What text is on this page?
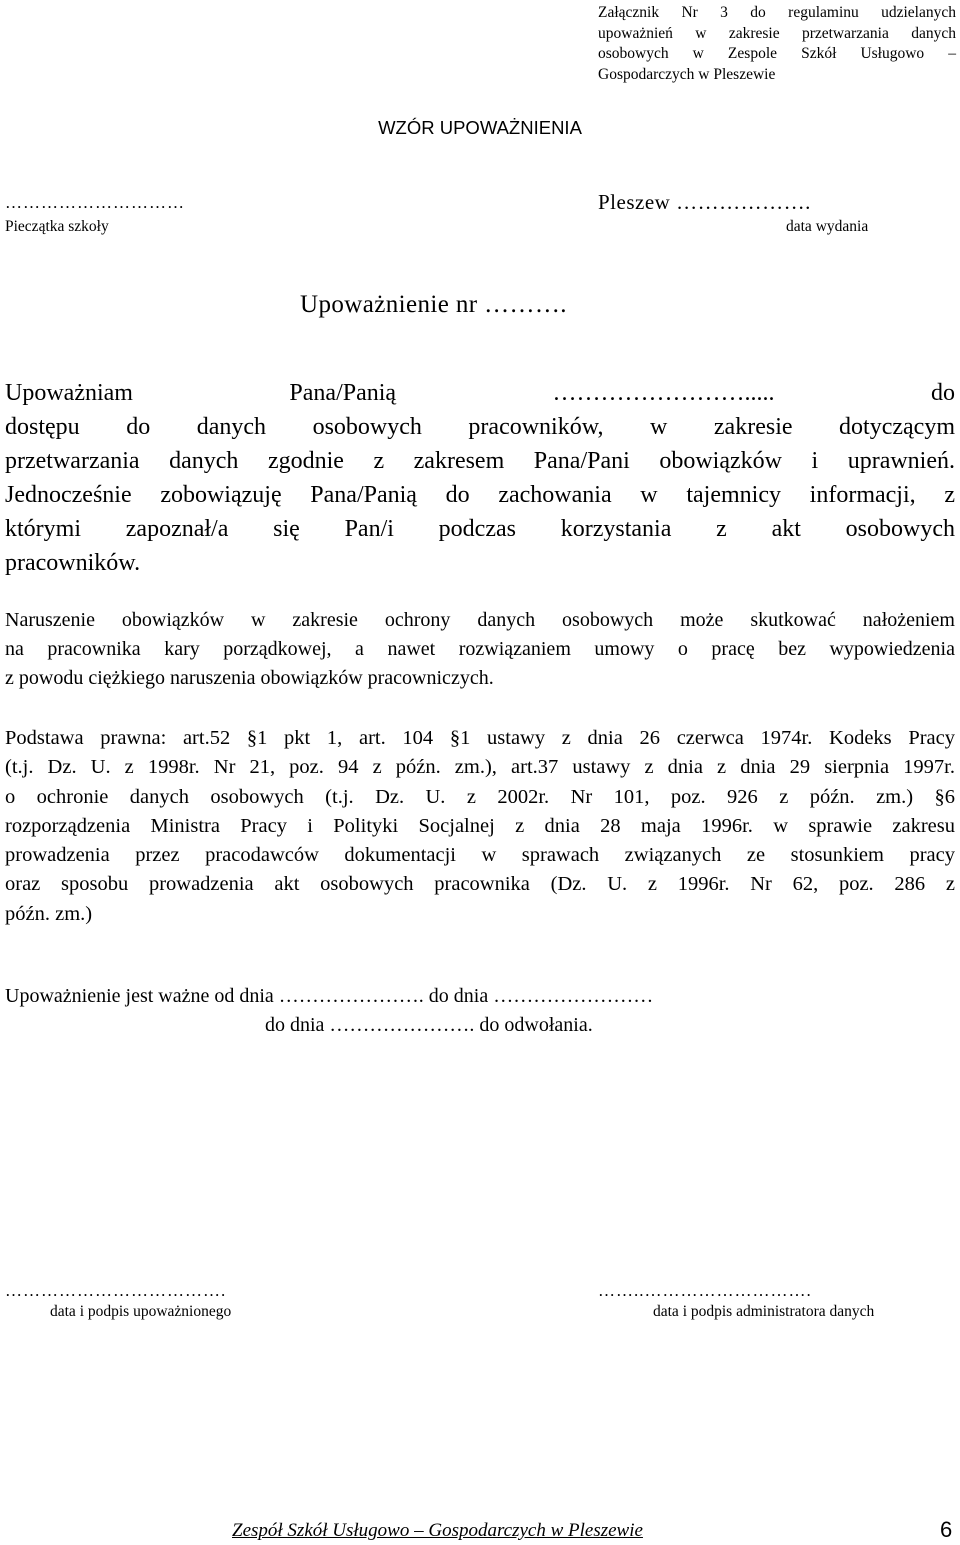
Załącznik Nr 3 do regulaminu udzielanych
upoważnień w zakresie przetwarzania danych
osobowych w Zespole Szkół Usługowo –
Gospodarczych w Pleszewie
WZÓR UPOWAŻNIENIA
…………………………
Pieczątka szkoły
Pleszew ……………….
data wydania
Upoważnienie nr ……….
Upoważniam Pana/Panią ……………………..... do
dostępu do danych osobowych pracowników, w zakresie dotyczącym
przetwarzania danych zgodnie z zakresem Pana/Pani obowiązków i uprawnień.
Jednocześnie zobowiązuję Pana/Panią do zachowania w tajemnicy informacji, z
którymi zapoznał/a się Pan/i podczas korzystania z akt osobowych
pracowników.
Naruszenie obowiązków w zakresie ochrony danych osobowych może skutkować nałożeniem
na pracownika kary porządkowej, a nawet rozwiązaniem umowy o pracę bez wypowiedzenia
z powodu ciężkiego naruszenia obowiązków pracowniczych.
Podstawa prawna: art.52 §1 pkt 1, art. 104 §1 ustawy z dnia 26 czerwca 1974r. Kodeks Pracy
(t.j. Dz. U. z 1998r. Nr 21, poz. 94 z późn. zm.), art.37 ustawy z dnia z dnia 29 sierpnia 1997r.
o ochronie danych osobowych (t.j. Dz. U. z 2002r. Nr 101, poz. 926 z późn. zm.) §6
rozporządzenia Ministra Pracy i Polityki Socjalnej z dnia 28 maja 1996r. w sprawie zakresu
prowadzenia przez pracodawców dokumentacji w sprawach związanych ze stosunkiem pracy
oraz sposobu prowadzenia akt osobowych pracownika (Dz. U. z 1996r. Nr 62, poz. 286 z
późn. zm.)
Upoważnienie jest ważne od dnia …………………. do dnia ……………………
do dnia …………………. do odwołania.
……………………………….
data i podpis upoważnionego
……..……………………….
data i podpis administratora danych
Zespół Szkół Usługowo – Gospodarczych w Pleszewie	6
